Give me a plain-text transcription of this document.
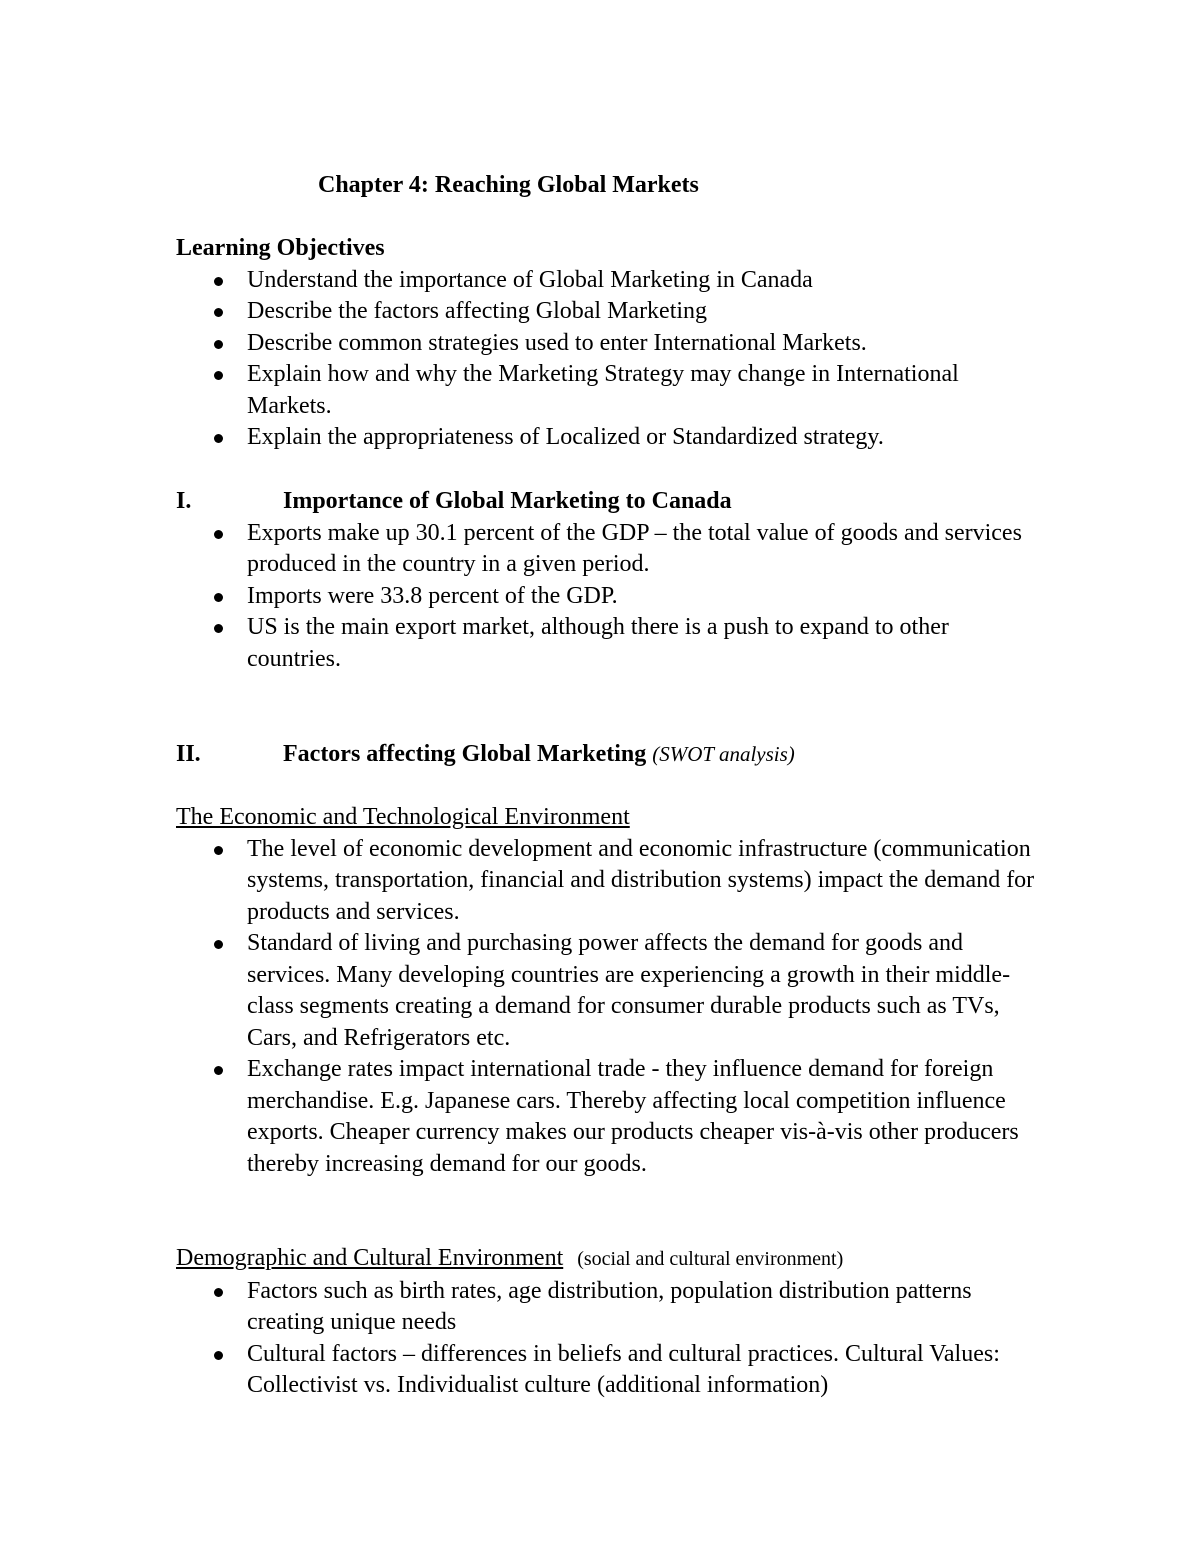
Chapter 4: Reaching Global Markets
Learning Objectives
Understand the importance of Global Marketing in Canada
Describe the factors affecting Global Marketing
Describe common strategies used to enter International Markets.
Explain how and why the Marketing Strategy may change in International Markets.
Explain the appropriateness of Localized or Standardized strategy.
I.	Importance of Global Marketing to Canada
Exports make up 30.1 percent of the GDP – the total value of goods and services produced in the country in a given period.
Imports were 33.8 percent of the GDP.
US is the main export market, although there is a push to expand to other countries.
II.	Factors affecting Global Marketing (SWOT analysis)
The Economic and Technological Environment
The level of economic development and economic infrastructure (communication systems, transportation, financial and distribution systems) impact the demand for products and services.
Standard of living and purchasing power affects the demand for goods and services. Many developing countries are experiencing a growth in their middle-class segments creating a demand for consumer durable products such as TVs, Cars, and Refrigerators etc.
Exchange rates impact international trade - they influence demand for foreign merchandise. E.g. Japanese cars. Thereby affecting local competition influence exports. Cheaper currency makes our products cheaper vis-à-vis other producers thereby increasing demand for our goods.
Demographic and Cultural Environment (social and cultural environment)
Factors such as birth rates, age distribution, population distribution patterns creating unique needs
Cultural factors – differences in beliefs and cultural practices. Cultural Values: Collectivist vs. Individualist culture (additional information)
